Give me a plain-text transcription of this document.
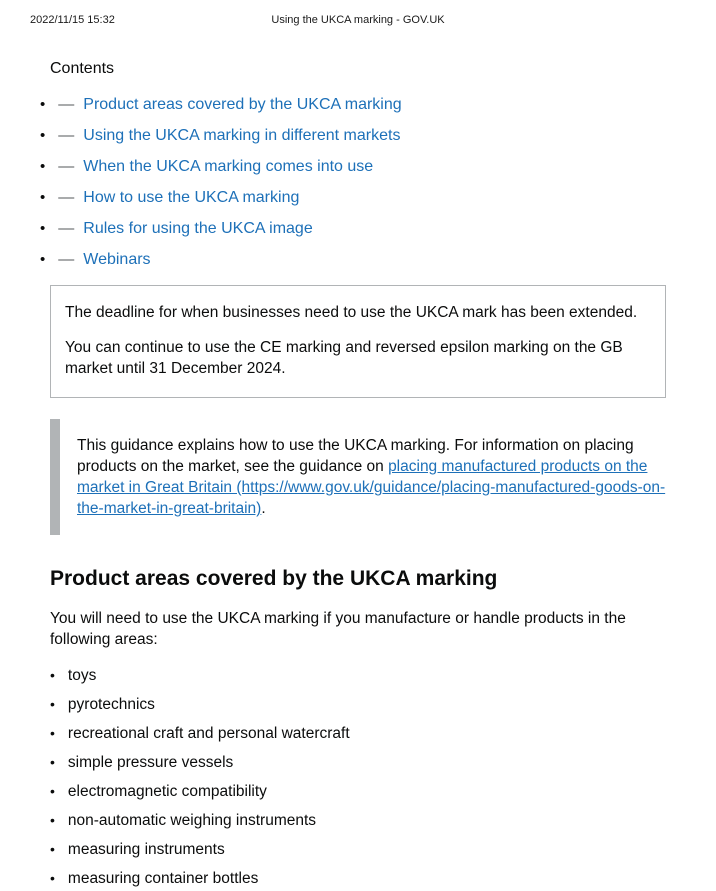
2022/11/15 15:32	Using the UKCA marking - GOV.UK
Contents
• — Product areas covered by the UKCA marking
• — Using the UKCA marking in different markets
• — When the UKCA marking comes into use
• — How to use the UKCA marking
• — Rules for using the UKCA image
• — Webinars

The deadline for when businesses need to use the UKCA mark has been extended.

You can continue to use the CE marking and reversed epsilon marking on the GB market until 31 December 2024.

This guidance explains how to use the UKCA marking. For information on placing products on the market, see the guidance on placing manufactured products on the market in Great Britain (https://www.gov.uk/guidance/placing-manufactured-goods-on-the-market-in-great-britain).
Product areas covered by the UKCA marking

You will need to use the UKCA marking if you manufacture or handle products in the following areas:

• toys
• pyrotechnics
• recreational craft and personal watercraft
• simple pressure vessels
• electromagnetic compatibility
• non-automatic weighing instruments
• measuring instruments
• measuring container bottles
